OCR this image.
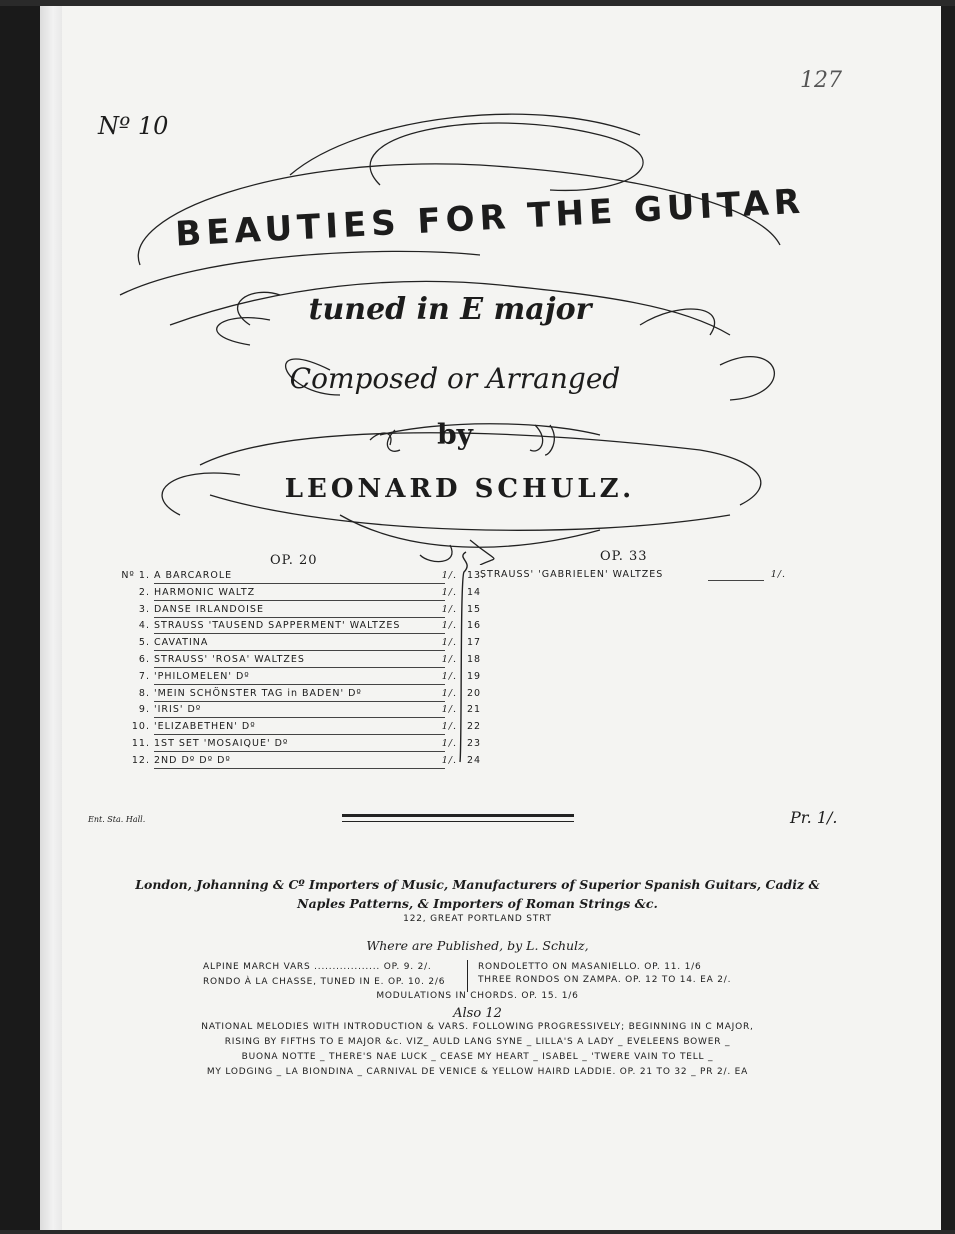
Nº 10
127
BEAUTIES FOR THE GUITAR
tuned in E major
Composed or Arranged
by
LEONARD SCHULZ.
OP. 20	OP. 33
Nº 1. A BARCAROLE	1/. 13.
2. HARMONIC WALTZ	1/. 14
3. DANSE IRLANDOISE	1/. 15
4. STRAUSS 'TAUSEND SAPPERMENT' WALTZES	1/. 16
5. CAVATINA	1/. 17
6. STRAUSS' 'ROSA' WALTZES	1/. 18
7. 'PHILOMELEN' Dº	1/. 19
8. 'MEIN SCHÖNSTER TAG in BADEN' Dº	1/. 20
9. 'IRIS' Dº	1/. 21
10. 'ELIZABETHEN' Dº	1/. 22
11. 1ST SET 'MOSAIQUE' Dº	1/. 23
12. 2ND Dº Dº Dº	1/. 24
STRAUSS' 'GABRIELEN' WALTZES	1/.
Ent. Sta. Hall.	Pr. 1/.
London, Johanning & Cº Importers of Music, Manufacturers of Superior Spanish Guitars, Cadiz &
Naples Patterns, & Importers of Roman Strings &c.
122, GREAT PORTLAND STRT
Where are Published, by L. Schulz,
ALPINE MARCH VARS .................. OP. 9. 2/.
RONDO À LA CHASSE, TUNED IN E. OP. 10. 2/6
RONDOLETTO ON MASANIELLO. OP. 11. 1/6
THREE RONDOS ON ZAMPA. OP. 12 TO 14. EA 2/.
MODULATIONS IN CHORDS. OP. 15. 1/6
Also 12
NATIONAL MELODIES WITH INTRODUCTION & VARS. FOLLOWING PROGRESSIVELY; BEGINNING IN C MAJOR,
RISING BY FIFTHS TO E MAJOR &c. VIZ_ AULD LANG SYNE _ LILLA'S A LADY _ EVELEENS BOWER _
BUONA NOTTE _ THERE'S NAE LUCK _ CEASE MY HEART _ ISABEL _ 'TWERE VAIN TO TELL _
MY LODGING _ LA BIONDINA _ CARNIVAL DE VENICE & YELLOW HAIRD LADDIE. OP. 21 TO 32 _ PR 2/. EA
